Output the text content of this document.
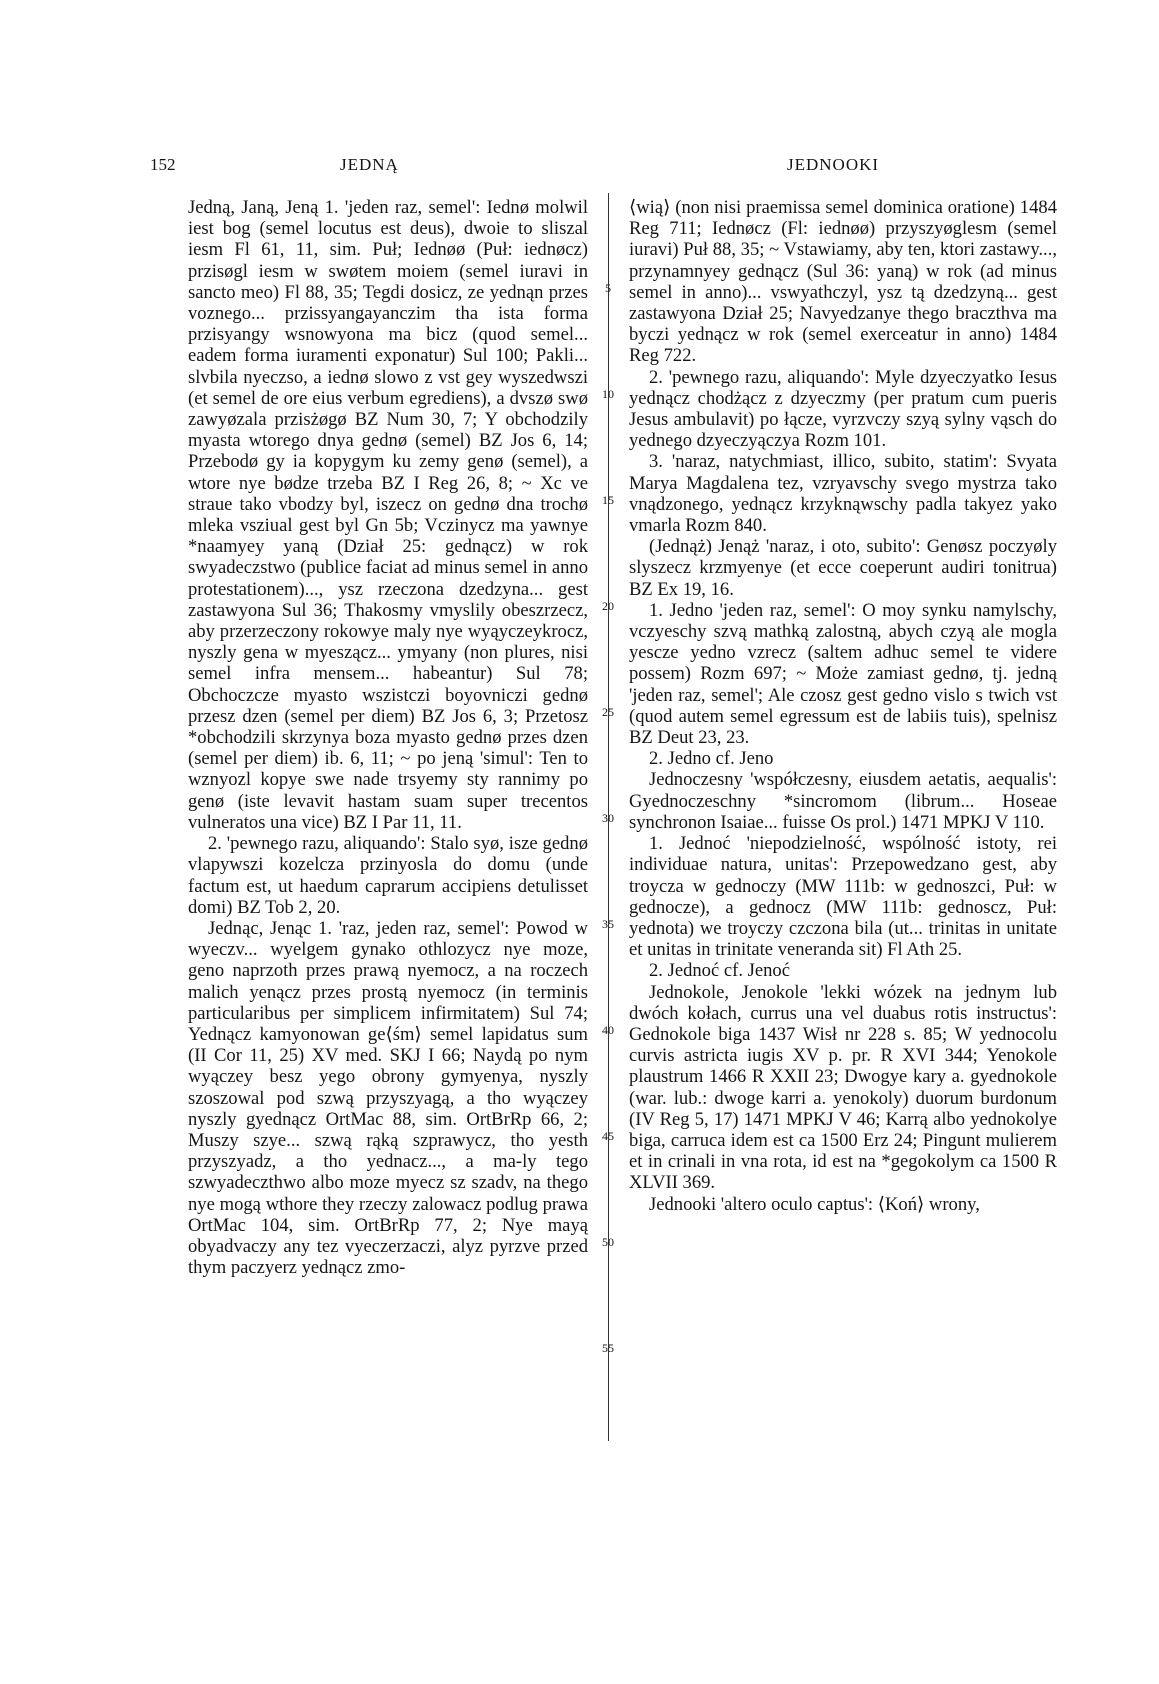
152	JEDNĄ	JEDNOOKI

Jedną, Janą, Jeną 1. 'jeden raz, semel': Iednø molwil iest bog (semel locutus est deus), dwoie to sliszal iesm Fl 61, 11, sim. Puł; Iednøø (Puł: iednøcz) przisøgl iesm w swøtem moiem (semel iuravi in sancto meo) Fl 88, 35; Tegdi dosicz, ze yednąn przes voznego... przissyangayanczim tha ista forma przisyangy wsnowyona ma bicz (quod semel... eadem forma iuramenti exponatur) Sul 100; Pakli... slvbila nyeczso, a iednø slowo z vst gey wyszedwszi (et semel de ore eius verbum egrediens), a dvszø swø zawyøzala przisżøgø BZ Num 30, 7; Y obchodzily myasta wtorego dnya gednø (semel) BZ Jos 6, 14; Przebodø gy ia kopygym ku zemy genø (semel), a wtore nye bødze trzeba BZ I Reg 26, 8; ~ Xc ve straue tako vbodzy byl, iszecz on gednø dna trochø mleka vsziual gest byl Gn 5b; Vczinycz ma yawnye *naamyey yaną (Dział 25: gednącz) w rok swyadeczstwo (publice faciat ad minus semel in anno protestationem)..., ysz rzeczona dzedzyna... gest zastawyona Sul 36; Thakosmy vmyslily obeszrzecz, aby przerzeczony rokowye maly nye wyąyczeykrocz, nyszly gena w myeszącz... ymyany (non plures, nisi semel infra mensem... habeantur) Sul 78; Obchoczcze myasto wszistczi boyovniczi gednø przesz dzen (semel per diem) BZ Jos 6, 3; Przetosz *obchodzili skrzynya boza myasto gednø przes dzen (semel per diem) ib. 6, 11; ~ po jeną 'simul': Ten to wznyozl kopye swe nade trsyemy sty rannimy po genø (iste levavit hastam suam super trecentos vulneratos una vice) BZ I Par 11, 11.

2. 'pewnego razu, aliquando': Stalo syø, isze gednø vlapywszi kozelcza przinyosla do domu (unde factum est, ut haedum caprarum accipiens detulisset domi) BZ Tob 2, 20.

Jednąc, Jenąc 1. 'raz, jeden raz, semel': Powod w wyeczv... wyelgem gynako othlozycz nye moze, geno naprzoth przes prawą nyemocz, a na roczech malich yenącz przes prostą nyemocz (in terminis particularibus per simplicem infirmitatem) Sul 74; Yednącz kamyonowan ge⟨śm⟩ semel lapidatus sum (II Cor 11, 25) XV med. SKJ I 66; Naydą po nym wyączey besz yego obrony gymyenya, nyszly szoszowal pod szwą przyszyagą, a tho wyączey nyszly gyednącz OrtMac 88, sim. OrtBrRp 66, 2; Muszy szye... szwą rąką szprawycz, tho yesth przyszyadz, a tho yednacz..., a ma-ly tego szwyadeczthwo albo moze myecz sz szadv, na thego nye mogą wthore they rzeczy zalowacz podlug prawa OrtMac 104, sim. OrtBrRp 77, 2; Nye mayą obyadvaczy any tez vyeczerzaczi, alyz pyrzve przed thym paczyerz yednącz zmo-

5
10
15
20
25
30
35
40
45
50
55

⟨wią⟩ (non nisi praemissa semel dominica oratione) 1484 Reg 711; Iednøcz (Fl: iednøø) przyszyøglesm (semel iuravi) Puł 88, 35; ~ Vstawiamy, aby ten, ktori zastawy..., przynamnyey gednącz (Sul 36: yaną) w rok (ad minus semel in anno)... vswyathczyl, ysz tą dzedzyną... gest zastawyona Dział 25; Navyedzanye thego braczthva ma byczi yednącz w rok (semel exerceatur in anno) 1484 Reg 722.

2. 'pewnego razu, aliquando': Myle dzyeczyatko Iesus yednącz chodżącz z dzyeczmy (per pratum cum pueris Jesus ambulavit) po łącze, vyrzvczy szyą sylny vąsch do yednego dzyeczyączya Rozm 101.

3. 'naraz, natychmiast, illico, subito, statim': Svyata Marya Magdalena tez, vzryavschy svego mystrza tako vnądzonego, yednącz krzyknąwschy padla takyez yako vmarla Rozm 840.

(Jednąż) Jenąż 'naraz, i oto, subito': Genøsz poczyøly slyszecz krzmyenye (et ecce coeperunt audiri tonitrua) BZ Ex 19, 16.

1. Jedno 'jeden raz, semel': O moy synku namylschy, vczyeschy szvą mathką zalostną, abych czyą ale mogla yescze yedno vzrecz (saltem adhuc semel te videre possem) Rozm 697; ~ Może zamiast gednø, tj. jedną 'jeden raz, semel'; Ale czosz gest gedno vislo s twich vst (quod autem semel egressum est de labiis tuis), spelnisz BZ Deut 23, 23.

2. Jedno cf. Jeno

Jednoczesny 'współczesny, eiusdem aetatis, aequalis': Gyednoczeschny *sincromom (librum... Hoseae synchronon Isaiae... fuisse Os prol.) 1471 MPKJ V 110.

1. Jednoć 'niepodzielność, wspólność istoty, rei individuae natura, unitas': Przepowedzano gest, aby troycza w gednoczy (MW 111b: w gednoszci, Puł: w gednocze), a gednocz (MW 111b: gednoscz, Puł: yednota) we troyczy czczona bila (ut... trinitas in unitate et unitas in trinitate veneranda sit) Fl Ath 25.

2. Jednoć cf. Jenoć

Jednokole, Jenokole 'lekki wózek na jednym lub dwóch kołach, currus una vel duabus rotis instructus': Gednokole biga 1437 Wisł nr 228 s. 85; W yednocolu curvis astricta iugis XV p. pr. R XVI 344; Yenokole plaustrum 1466 R XXII 23; Dwogye kary a. gyednokole (war. lub.: dwoge karri a. yenokoly) duorum burdonum (IV Reg 5, 17) 1471 MPKJ V 46; Karrą albo yednokolye biga, carruca idem est ca 1500 Erz 24; Pingunt mulierem et in crinali in vna rota, id est na *gegokolym ca 1500 R XLVII 369.

Jednooki 'altero oculo captus': ⟨Koń⟩ wrony,
